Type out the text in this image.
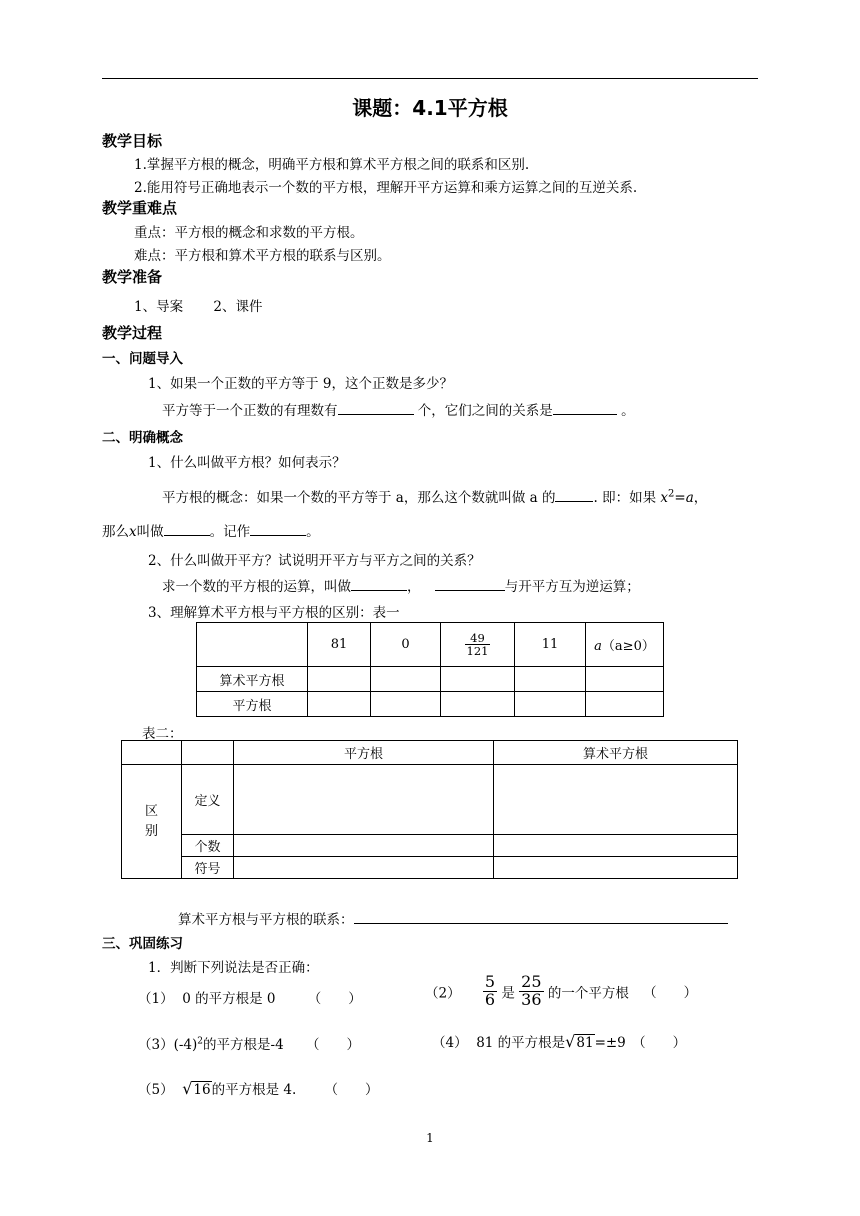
课题：4.1平方根
教学目标
1.掌握平方根的概念，明确平方根和算术平方根之间的联系和区别.
2.能用符号正确地表示一个数的平方根，理解开平方运算和乘方运算之间的互逆关系.
教学重难点
重点：平方根的概念和求数的平方根。
难点：平方根和算术平方根的联系与区别。
教学准备
1、导案 2、课件
教学过程
一、问题导入
1、如果一个正数的平方等于 9，这个正数是多少？
平方等于一个正数的有理数有	个，它们之间的关系是	。
二、明确概念
1、什么叫做平方根？如何表示？
平方根的概念：如果一个数的平方等于 a，那么这个数就叫做 a 的	. 即：如果 $x^2=a$，
那么x叫做	。记作	。
2、什么叫做开平方？试说明开平方与平方之间的关系？
求一个数的平方根的运算，叫做	，	与开平方互为逆运算；
3、理解算术平方根与平方根的区别：表一
	81	0	$\frac{49}{121}$	11	a（a≥0）
算术平方根					
平方根					
表二：
		平方根	算术平方根
区
别	定义		
	个数		
	符号		
算术平方根与平方根的联系：
三、巩固练习
1．判断下列说法是否正确：
（1） 0 的平方根是 0 （　　）	$(2) \frac{5}{6}$ 是 $\frac{25}{36}$ 的一个平方根 （　　）
$(3)(-4)^2$的平方根是-4 （　　）	（4） 81 的平方根是√81=±9 （　　）
（5） √16的平方根是 4. （　　）
1
